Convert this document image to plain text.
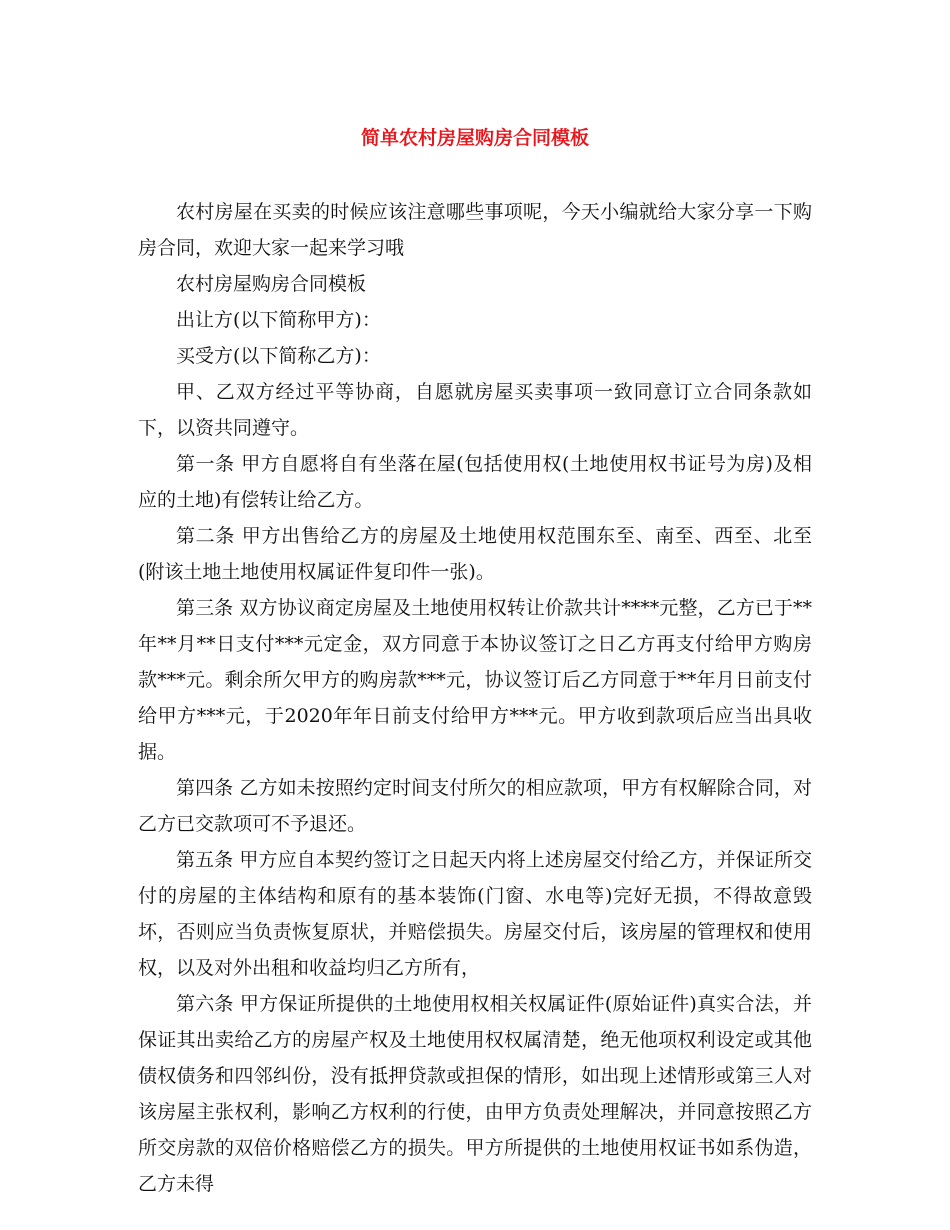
简单农村房屋购房合同模板

农村房屋在买卖的时候应该注意哪些事项呢，今天小编就给大家分享一下购房合同，欢迎大家一起来学习哦

农村房屋购房合同模板

出让方(以下简称甲方)：

买受方(以下简称乙方)：

甲、乙双方经过平等协商，自愿就房屋买卖事项一致同意订立合同条款如下，以资共同遵守。

第一条 甲方自愿将自有坐落在屋(包括使用权(土地使用权书证号为房)及相应的土地)有偿转让给乙方。

第二条 甲方出售给乙方的房屋及土地使用权范围东至、南至、西至、北至(附该土地土地使用权属证件复印件一张)。

第三条 双方协议商定房屋及土地使用权转让价款共计****元整，乙方已于**年**月**日支付***元定金，双方同意于本协议签订之日乙方再支付给甲方购房款***元。剩余所欠甲方的购房款***元，协议签订后乙方同意于**年月日前支付给甲方***元，于2020年年日前支付给甲方***元。甲方收到款项后应当出具收据。

第四条 乙方如未按照约定时间支付所欠的相应款项，甲方有权解除合同，对乙方已交款项可不予退还。

第五条 甲方应自本契约签订之日起天内将上述房屋交付给乙方，并保证所交付的房屋的主体结构和原有的基本装饰(门窗、水电等)完好无损，不得故意毁坏，否则应当负责恢复原状，并赔偿损失。房屋交付后，该房屋的管理权和使用权，以及对外出租和收益均归乙方所有，

第六条 甲方保证所提供的土地使用权相关权属证件(原始证件)真实合法，并保证其出卖给乙方的房屋产权及土地使用权权属清楚，绝无他项权利设定或其他债权债务和四邻纠份，没有抵押贷款或担保的情形，如出现上述情形或第三人对该房屋主张权利，影响乙方权利的行使，由甲方负责处理解决，并同意按照乙方所交房款的双倍价格赔偿乙方的损失。甲方所提供的土地使用权证书如系伪造，乙方未得
